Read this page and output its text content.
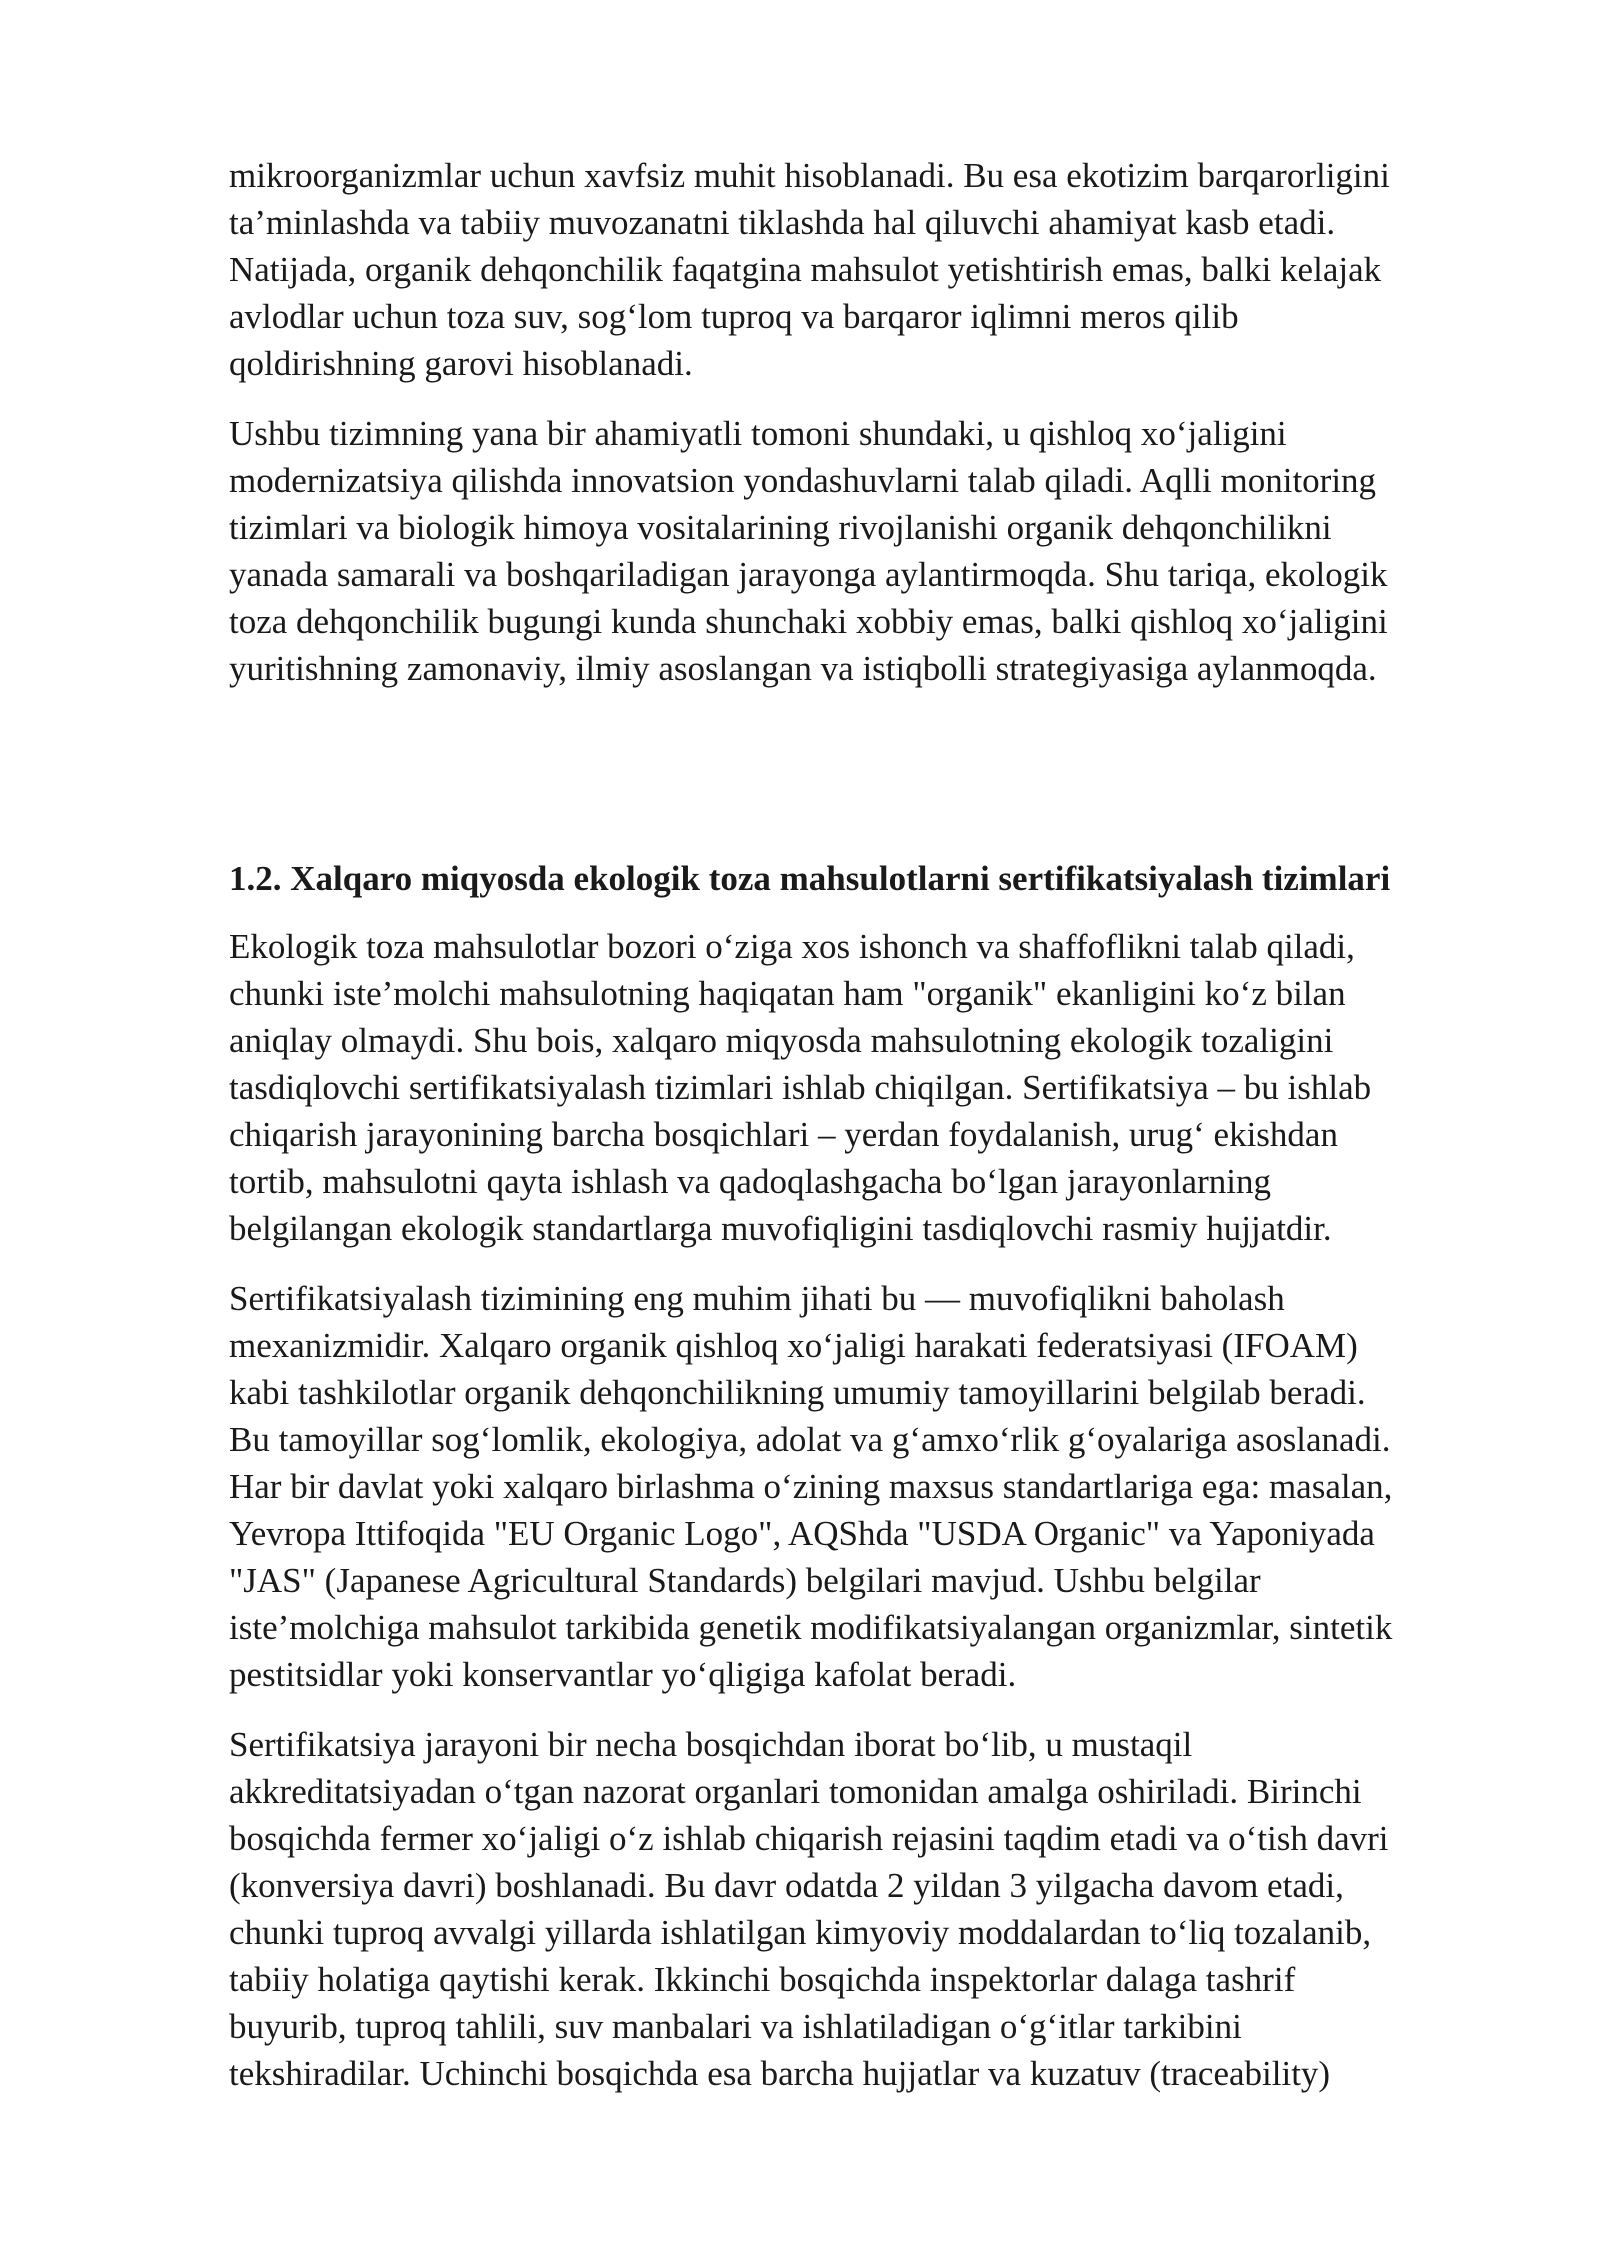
mikroorganizmlar uchun xavfsiz muhit hisoblanadi. Bu esa ekotizim barqarorligini
ta’minlashda va tabiiy muvozanatni tiklashda hal qiluvchi ahamiyat kasb etadi.
Natijada, organik dehqonchilik faqatgina mahsulot yetishtirish emas, balki kelajak
avlodlar uchun toza suv, sog‘lom tuproq va barqaror iqlimni meros qilib
qoldirishning garovi hisoblanadi.

Ushbu tizimning yana bir ahamiyatli tomoni shundaki, u qishloq xo‘jaligini
modernizatsiya qilishda innovatsion yondashuvlarni talab qiladi. Aqlli monitoring
tizimlari va biologik himoya vositalarining rivojlanishi organik dehqonchilikni
yanada samarali va boshqariladigan jarayonga aylantirmoqda. Shu tariqa, ekologik
toza dehqonchilik bugungi kunda shunchaki xobbiy emas, balki qishloq xo‘jaligini
yuritishning zamonaviy, ilmiy asoslangan va istiqbolli strategiyasiga aylanmoqda.

1.2. Xalqaro miqyosda ekologik toza mahsulotlarni sertifikatsiyalash tizimlari

Ekologik toza mahsulotlar bozori o‘ziga xos ishonch va shaffoflikni talab qiladi,
chunki iste’molchi mahsulotning haqiqatan ham "organik" ekanligini ko‘z bilan
aniqlay olmaydi. Shu bois, xalqaro miqyosda mahsulotning ekologik tozaligini
tasdiqlovchi sertifikatsiyalash tizimlari ishlab chiqilgan. Sertifikatsiya – bu ishlab
chiqarish jarayonining barcha bosqichlari – yerdan foydalanish, urug‘ ekishdan
tortib, mahsulotni qayta ishlash va qadoqlashgacha bo‘lgan jarayonlarning
belgilangan ekologik standartlarga muvofiqligini tasdiqlovchi rasmiy hujjatdir.

Sertifikatsiyalash tizimining eng muhim jihati bu — muvofiqlikni baholash
mexanizmidir. Xalqaro organik qishloq xo‘jaligi harakati federatsiyasi (IFOAM)
kabi tashkilotlar organik dehqonchilikning umumiy tamoyillarini belgilab beradi.
Bu tamoyillar sog‘lomlik, ekologiya, adolat va g‘amxo‘rlik g‘oyalariga asoslanadi.
Har bir davlat yoki xalqaro birlashma o‘zining maxsus standartlariga ega: masalan,
Yevropa Ittifoqida "EU Organic Logo", AQShda "USDA Organic" va Yaponiyada
"JAS" (Japanese Agricultural Standards) belgilari mavjud. Ushbu belgilar
iste’molchiga mahsulot tarkibida genetik modifikatsiyalangan organizmlar, sintetik
pestitsidlar yoki konservantlar yo‘qligiga kafolat beradi.

Sertifikatsiya jarayoni bir necha bosqichdan iborat bo‘lib, u mustaqil
akkreditatsiyadan o‘tgan nazorat organlari tomonidan amalga oshiriladi. Birinchi
bosqichda fermer xo‘jaligi o‘z ishlab chiqarish rejasini taqdim etadi va o‘tish davri
(konversiya davri) boshlanadi. Bu davr odatda 2 yildan 3 yilgacha davom etadi,
chunki tuproq avvalgi yillarda ishlatilgan kimyoviy moddalardan to‘liq tozalanib,
tabiiy holatiga qaytishi kerak. Ikkinchi bosqichda inspektorlar dalaga tashrif
buyurib, tuproq tahlili, suv manbalari va ishlatiladigan o‘g‘itlar tarkibini
tekshiradilar. Uchinchi bosqichda esa barcha hujjatlar va kuzatuv (traceability)
